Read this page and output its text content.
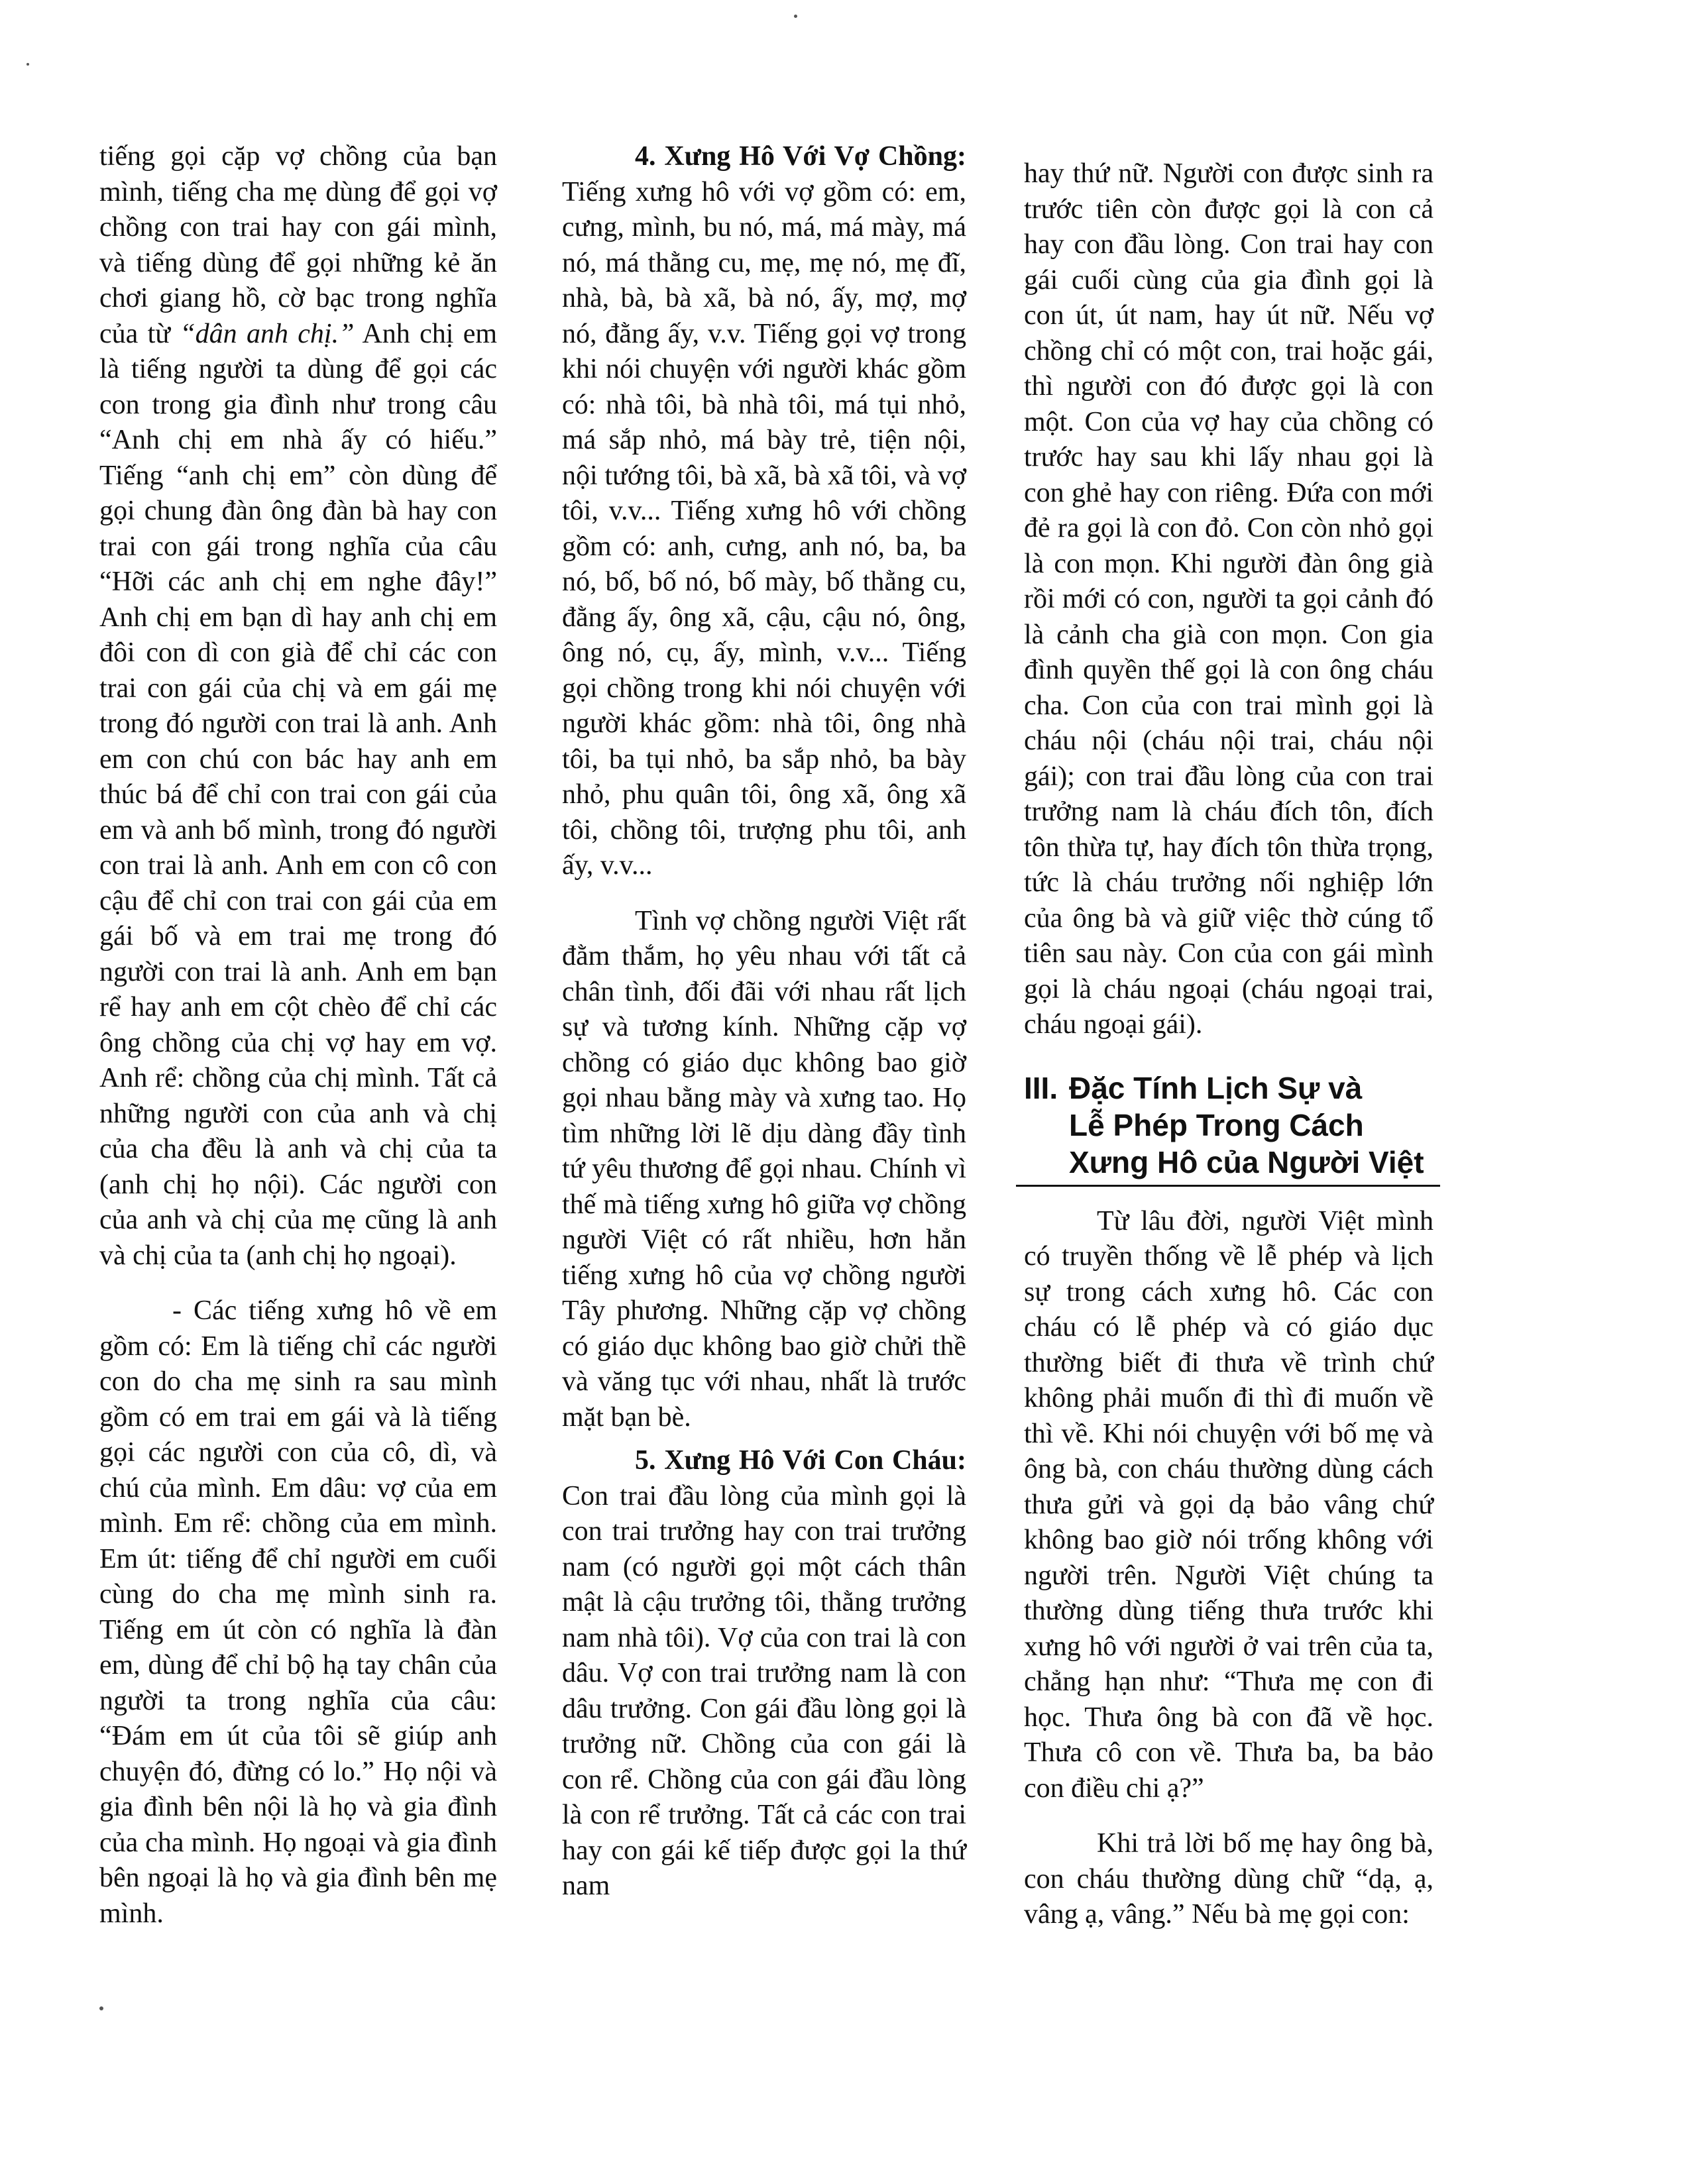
tiếng gọi cặp vợ chồng của bạn mình, tiếng cha mẹ dùng để gọi vợ chồng con trai hay con gái mình, và tiếng dùng để gọi những kẻ ăn chơi giang hồ, cờ bạc trong nghĩa của từ “dân anh chị.” Anh chị em là tiếng người ta dùng để gọi các con trong gia đình như trong câu “Anh chị em nhà ấy có hiếu.” Tiếng “anh chị em” còn dùng để gọi chung đàn ông đàn bà hay con trai con gái trong nghĩa của câu “Hỡi các anh chị em nghe đây!” Anh chị em bạn dì hay anh chị em đôi con dì con già để chỉ các con trai con gái của chị và em gái mẹ trong đó người con trai là anh. Anh em con chú con bác hay anh em thúc bá để chỉ con trai con gái của em và anh bố mình, trong đó người con trai là anh. Anh em con cô con cậu để chỉ con trai con gái của em gái bố và em trai mẹ trong đó người con trai là anh. Anh em bạn rể hay anh em cột chèo để chỉ các ông chồng của chị vợ hay em vợ. Anh rể: chồng của chị mình. Tất cả những người con của anh và chị của cha đều là anh và chị của ta (anh chị họ nội). Các người con của anh và chị của mẹ cũng là anh và chị của ta (anh chị họ ngoại).

- Các tiếng xưng hô về em gồm có: Em là tiếng chỉ các người con do cha mẹ sinh ra sau mình gồm có em trai em gái và là tiếng gọi các người con của cô, dì, và chú của mình. Em dâu: vợ của em mình. Em rể: chồng của em mình. Em út: tiếng để chỉ người em cuối cùng do cha mẹ mình sinh ra. Tiếng em út còn có nghĩa là đàn em, dùng để chỉ bộ hạ tay chân của người ta trong nghĩa của câu: “Đám em út của tôi sẽ giúp anh chuyện đó, đừng có lo.” Họ nội và gia đình bên nội là họ và gia đình của cha mình. Họ ngoại và gia đình bên ngoại là họ và gia đình bên mẹ mình.

4. Xưng Hô Với Vợ Chồng: Tiếng xưng hô với vợ gồm có: em, cưng, mình, bu nó, má, má mày, má nó, má thằng cu, mẹ, mẹ nó, mẹ đĩ, nhà, bà, bà xã, bà nó, ấy, mợ, mợ nó, đằng ấy, v.v. Tiếng gọi vợ trong khi nói chuyện với người khác gồm có: nhà tôi, bà nhà tôi, má tụi nhỏ, má sắp nhỏ, má bày trẻ, tiện nội, nội tướng tôi, bà xã, bà xã tôi, và vợ tôi, v.v... Tiếng xưng hô với chồng gồm có: anh, cưng, anh nó, ba, ba nó, bố, bố nó, bố mày, bố thằng cu, đằng ấy, ông xã, cậu, cậu nó, ông, ông nó, cụ, ấy, mình, v.v... Tiếng gọi chồng trong khi nói chuyện với người khác gồm: nhà tôi, ông nhà tôi, ba tụi nhỏ, ba sắp nhỏ, ba bày nhỏ, phu quân tôi, ông xã, ông xã tôi, chồng tôi, trượng phu tôi, anh ấy, v.v...

Tình vợ chồng người Việt rất đằm thắm, họ yêu nhau với tất cả chân tình, đối đãi với nhau rất lịch sự và tương kính. Những cặp vợ chồng có giáo dục không bao giờ gọi nhau bằng mày và xưng tao. Họ tìm những lời lẽ dịu dàng đầy tình tứ yêu thương để gọi nhau. Chính vì thế mà tiếng xưng hô giữa vợ chồng người Việt có rất nhiều, hơn hẳn tiếng xưng hô của vợ chồng người Tây phương. Những cặp vợ chồng có giáo dục không bao giờ chửi thề và văng tục với nhau, nhất là trước mặt bạn bè.

5. Xưng Hô Với Con Cháu: Con trai đầu lòng của mình gọi là con trai trưởng hay con trai trưởng nam (có người gọi một cách thân mật là cậu trưởng tôi, thằng trưởng nam nhà tôi). Vợ của con trai là con dâu. Vợ con trai trưởng nam là con dâu trưởng. Con gái đầu lòng gọi là trưởng nữ. Chồng của con gái là con rể. Chồng của con gái đầu lòng là con rể trưởng. Tất cả các con trai hay con gái kế tiếp được gọi la thứ nam

hay thứ nữ. Người con được sinh ra trước tiên còn được gọi là con cả hay con đầu lòng. Con trai hay con gái cuối cùng của gia đình gọi là con út, út nam, hay út nữ. Nếu vợ chồng chỉ có một con, trai hoặc gái, thì người con đó được gọi là con một. Con của vợ hay của chồng có trước hay sau khi lấy nhau gọi là con ghẻ hay con riêng. Đứa con mới đẻ ra gọi là con đỏ. Con còn nhỏ gọi là con mọn. Khi người đàn ông già rồi mới có con, người ta gọi cảnh đó là cảnh cha già con mọn. Con gia đình quyền thế gọi là con ông cháu cha. Con của con trai mình gọi là cháu nội (cháu nội trai, cháu nội gái); con trai đầu lòng của con trai trưởng nam là cháu đích tôn, đích tôn thừa tự, hay đích tôn thừa trọng, tức là cháu trưởng nối nghiệp lớn của ông bà và giữ việc thờ cúng tổ tiên sau này. Con của con gái mình gọi là cháu ngoại (cháu ngoại trai, cháu ngoại gái).

III. Đặc Tính Lịch Sự và
Lễ Phép Trong Cách
Xưng Hô của Người Việt

Từ lâu đời, người Việt mình có truyền thống về lễ phép và lịch sự trong cách xưng hô. Các con cháu có lễ phép và có giáo dục thường biết đi thưa về trình chứ không phải muốn đi thì đi muốn về thì về. Khi nói chuyện với bố mẹ và ông bà, con cháu thường dùng cách thưa gửi và gọi dạ bảo vâng chứ không bao giờ nói trống không với người trên. Người Việt chúng ta thường dùng tiếng thưa trước khi xưng hô với người ở vai trên của ta, chẳng hạn như: “Thưa mẹ con đi học. Thưa ông bà con đã về học. Thưa cô con về. Thưa ba, ba bảo con điều chi ạ?”

Khi trả lời bố mẹ hay ông bà, con cháu thường dùng chữ “dạ, ạ, vâng ạ, vâng.” Nếu bà mẹ gọi con:
